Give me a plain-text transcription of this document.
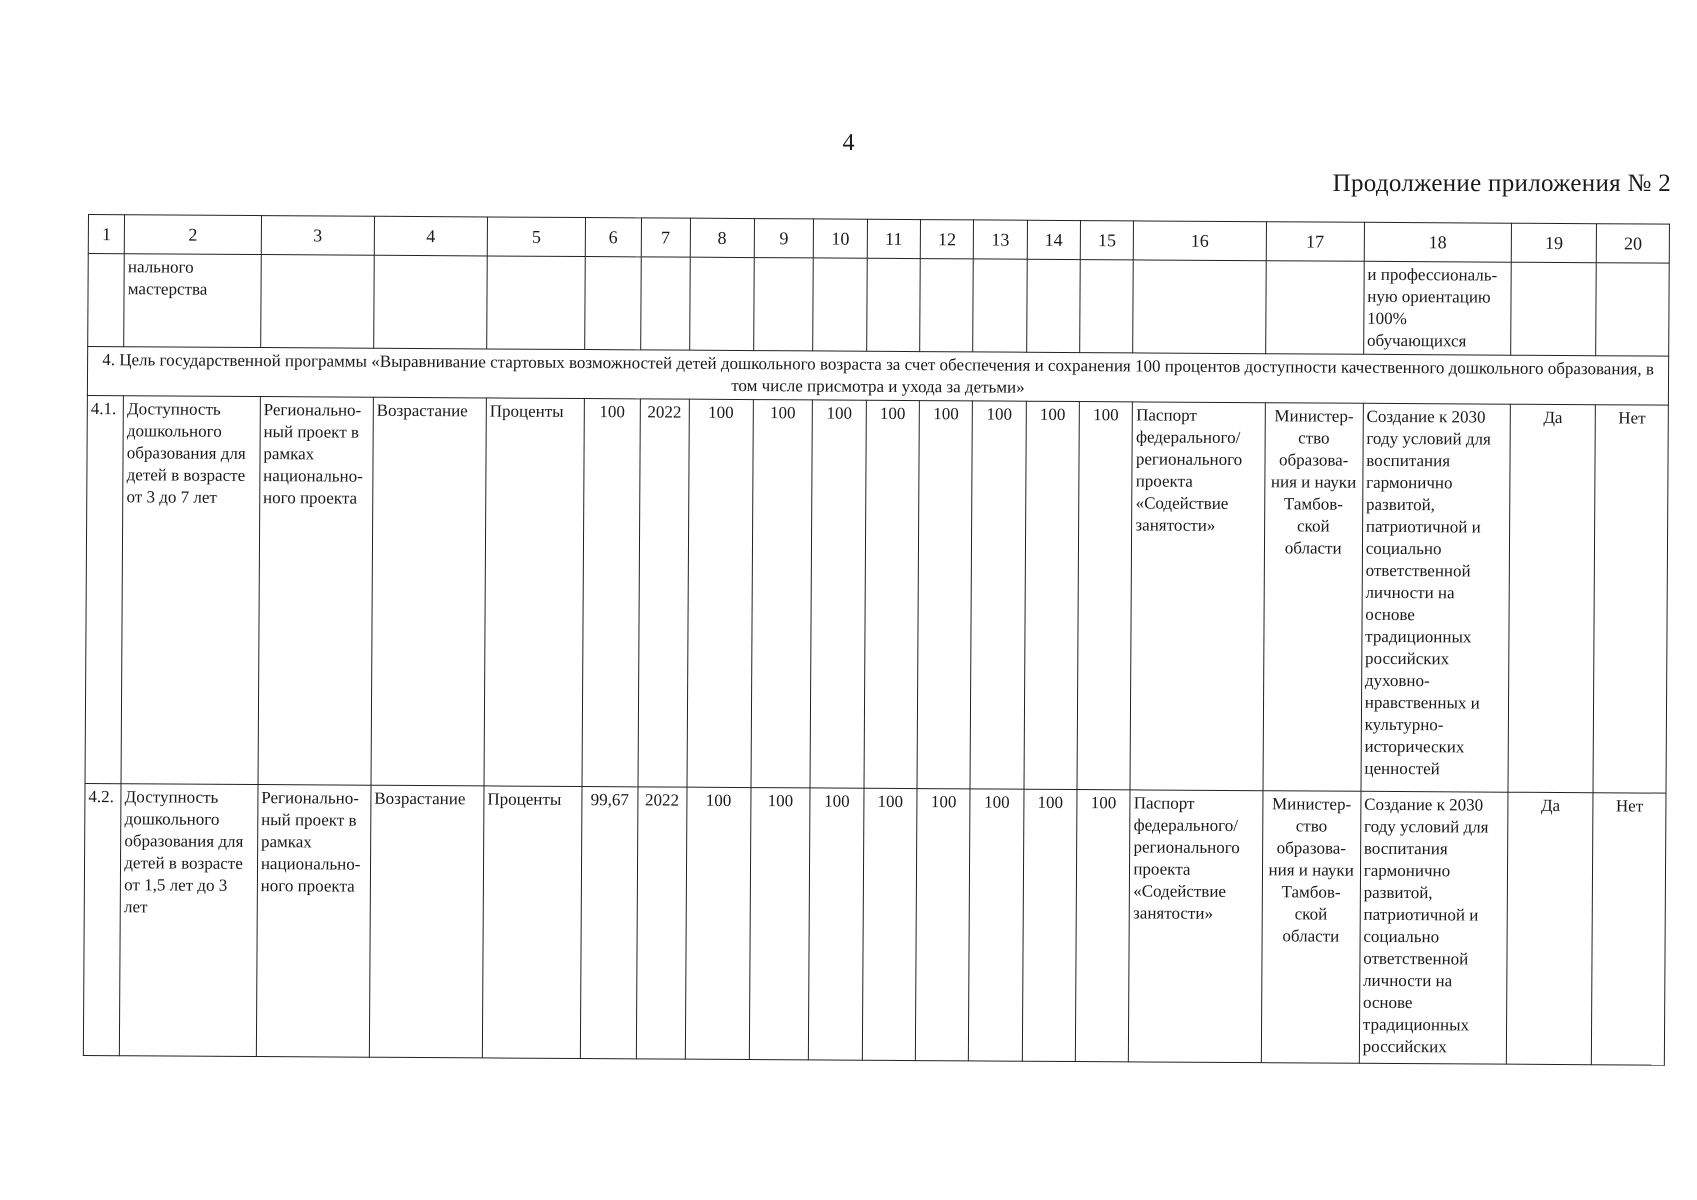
4
Продолжение приложения № 2
1	2	3	4	5	6	7	8	9	10	11	12	13	14	15	16	17	18	19	20
	нального мастерства																и профессиональ-ную ориентацию 100% обучающихся		
4. Цель государственной программы «Выравнивание стартовых возможностей детей дошкольного возраста за счет обеспечения и сохранения 100 процентов доступности качественного дошкольного образования, в том числе присмотра и ухода за детьми»																			
4.1.	Доступность дошкольного образования для детей в возрасте от 3 до 7 лет	Регионально-ный проект в рамках национально-ного проекта	Возрастание	Проценты	100	2022	100	100	100	100	100	100	100	100	Паспорт федерального/ регионального проекта «Содействие занятости»	Министер-ство образова-ния и науки Тамбов-ской области	Создание к 2030 году условий для воспитания гармонично развитой, патриотичной и социально ответственной личности на основе традиционных российских духовно-нравственных и культурно-исторических ценностей	Да	Нет
4.2.	Доступность дошкольного образования для детей в возрасте от 1,5 лет до 3 лет	Регионально-ный проект в рамках национально-ного проекта	Возрастание	Проценты	99,67	2022	100	100	100	100	100	100	100	100	Паспорт федерального/ регионального проекта «Содействие занятости»	Министер-ство образова-ния и науки Тамбов-ской области	Создание к 2030 году условий для воспитания гармонично развитой, патриотичной и социально ответственной личности на основе традиционных российских	Да	Нет
